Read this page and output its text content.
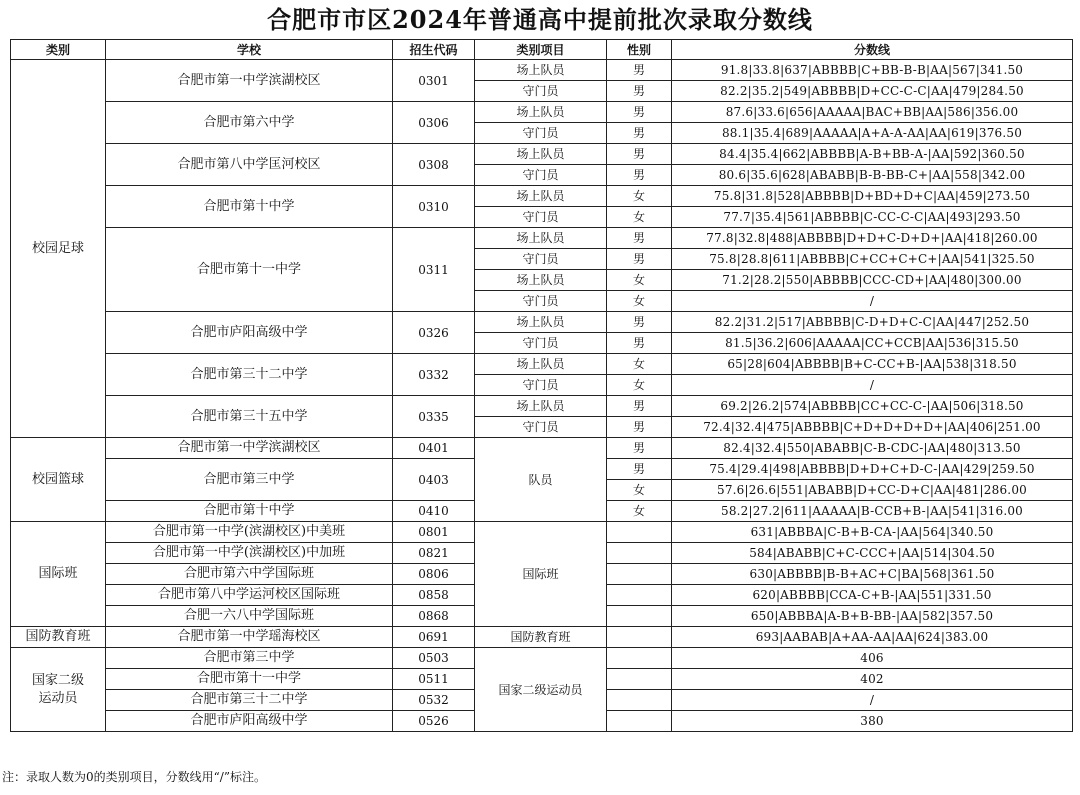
合肥市市区2024年普通高中提前批次录取分数线
类别	学校	招生代码	类别项目	性别	分数线
校园足球	合肥市第一中学滨湖校区	0301	场上队员	男	91.8|33.8|637|ABBBB|C+BB-B-B|AA|567|341.50
			守门员	男	82.2|35.2|549|ABBBB|D+CC-C-C|AA|479|284.50
	合肥市第六中学	0306	场上队员	男	87.6|33.6|656|AAAAA|BAC+BB|AA|586|356.00
			守门员	男	88.1|35.4|689|AAAAA|A+A-A-AA|AA|619|376.50
	合肥市第八中学匡河校区	0308	场上队员	男	84.4|35.4|662|ABBBB|A-B+BB-A-|AA|592|360.50
			守门员	男	80.6|35.6|628|ABABB|B-B-BB-C+|AA|558|342.00
	合肥市第十中学	0310	场上队员	女	75.8|31.8|528|ABBBB|D+BD+D+C|AA|459|273.50
			守门员	女	77.7|35.4|561|ABBBB|C-CC-C-C|AA|493|293.50
	合肥市第十一中学	0311	场上队员	男	77.8|32.8|488|ABBBB|D+D+C-D+D+|AA|418|260.00
			守门员	男	75.8|28.8|611|ABBBB|C+CC+C+C+|AA|541|325.50
			场上队员	女	71.2|28.2|550|ABBBB|CCC-CD+|AA|480|300.00
			守门员	女	/
	合肥市庐阳高级中学	0326	场上队员	男	82.2|31.2|517|ABBBB|C-D+D+C-C|AA|447|252.50
			守门员	男	81.5|36.2|606|AAAAA|CC+CCB|AA|536|315.50
	合肥市第三十二中学	0332	场上队员	女	65|28|604|ABBBB|B+C-CC+B-|AA|538|318.50
			守门员	女	/
	合肥市第三十五中学	0335	场上队员	男	69.2|26.2|574|ABBBB|CC+CC-C-|AA|506|318.50
			守门员	男	72.4|32.4|475|ABBBB|C+D+D+D+D+|AA|406|251.00
校园篮球	合肥市第一中学滨湖校区	0401	队员	男	82.4|32.4|550|ABABB|C-B-CDC-|AA|480|313.50
	合肥市第三中学	0403		男	75.4|29.4|498|ABBBB|D+D+C+D-C-|AA|429|259.50
				女	57.6|26.6|551|ABABB|D+CC-D+C|AA|481|286.00
	合肥市第十中学	0410		女	58.2|27.2|611|AAAAA|B-CCB+B-|AA|541|316.00
国际班	合肥市第一中学(滨湖校区)中美班	0801	国际班		631|ABBBA|C-B+B-CA-|AA|564|340.50
	合肥市第一中学(滨湖校区)中加班	0821			584|ABABB|C+C-CCC+|AA|514|304.50
	合肥市第六中学国际班	0806			630|ABBBB|B-B+AC+C|BA|568|361.50
	合肥市第八中学运河校区国际班	0858			620|ABBBB|CCA-C+B-|AA|551|331.50
	合肥一六八中学国际班	0868			650|ABBBA|A-B+B-BB-|AA|582|357.50
国防教育班	合肥市第一中学瑶海校区	0691	国防教育班		693|AABAB|A+AA-AA|AA|624|383.00
国家二级运动员	合肥市第三中学	0503	国家二级运动员		406
	合肥市第十一中学	0511			402
	合肥市第三十二中学	0532			/
	合肥市庐阳高级中学	0526			380
注：录取人数为0的类别项目，分数线用“/”标注。
